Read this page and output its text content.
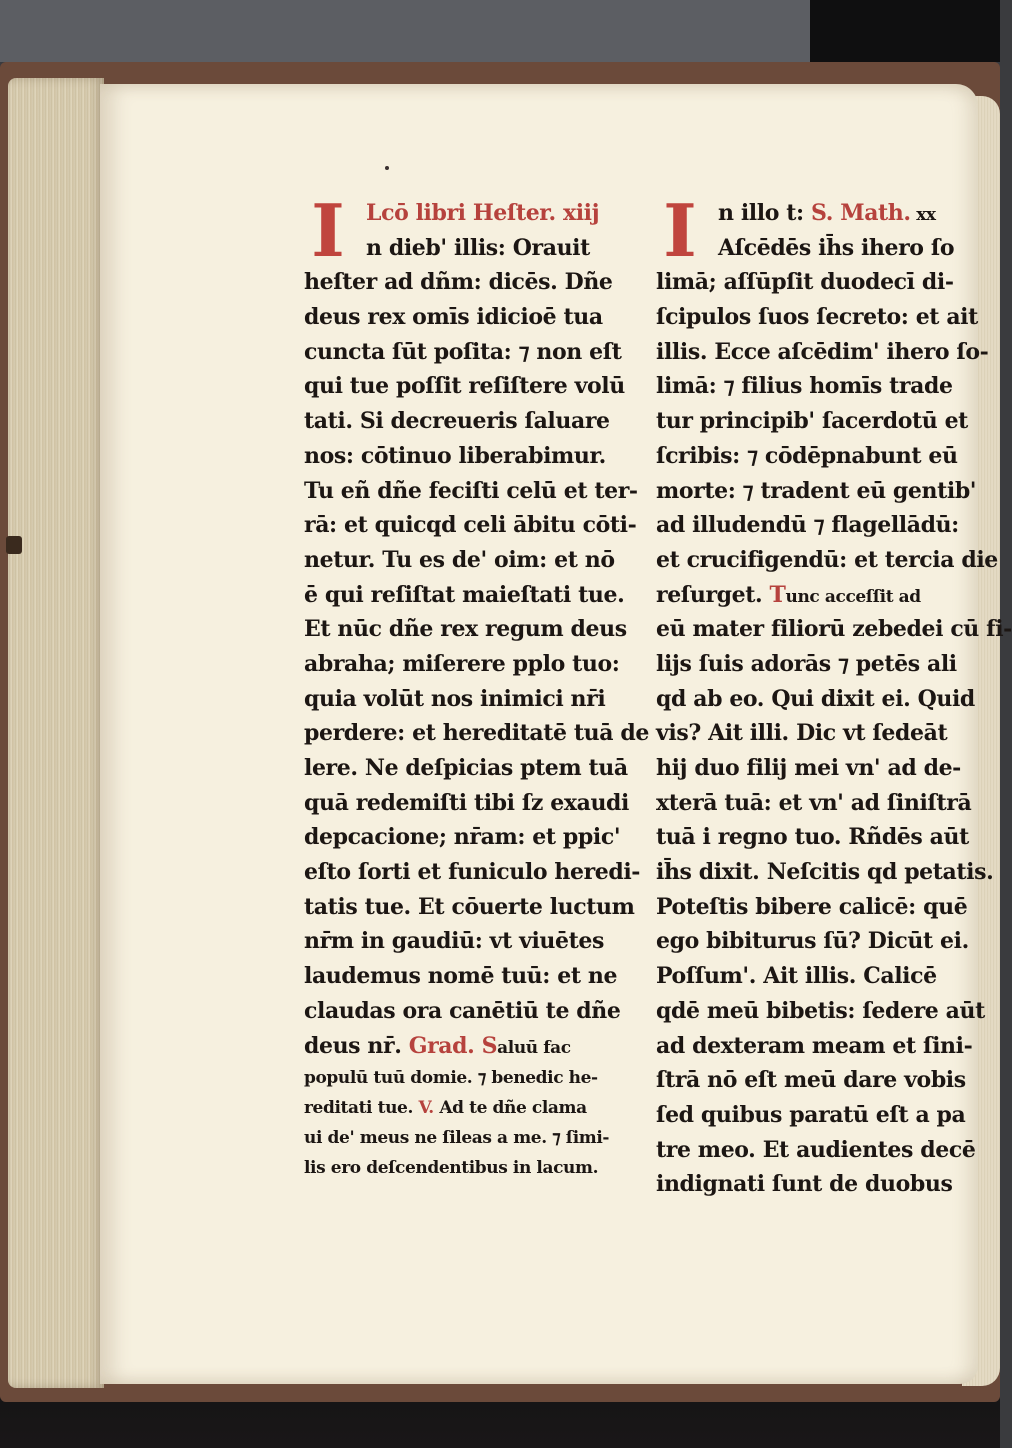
I	I
Lcō libri Heſter. xiij
n dieb' illis: Orauit
heſter ad dñm: dicēs. Dñe
deus rex omīs idicioē tua
cuncta ſūt poſita: ⁊ non eſt
qui tue poſſit reſiſtere volū
tati. Si decreueris ſaluare
nos: cōtinuo liberabimur.
Tu eñ dñe feciſti celū et ter-
rā: et quicqd celi ābitu cōti-
netur. Tu es de' oim: et nō
ē qui reſiſtat maieſtati tue.
Et nūc dñe rex regum deus
abraha; miſerere pplo tuo:
quia volūt nos inimici nr̄i
perdere: et hereditatē tuā de
lere. Ne deſpicias ptem tuā
quā redemiſti tibi ſz exaudi
depcacione; nr̄am: et ppic'
eſto ſorti et funiculo heredi-
tatis tue. Et cōuerte luctum
nr̄m in gaudiū: vt viuētes
laudemus nomē tuū: et ne
claudas ora canētiū te dñe
deus nr̄. Grad. Saluū fac
populū tuū domie. ⁊ benedic he-
reditati tue. V. Ad te dñe clama
ui de' meus ne ſileas a me. ⁊ ſimi-
lis ero deſcendentibus in lacum.
n illo t: S. Math. xx
Aſcēdēs ih̄s ihero ſo
limā; aſſūpſit duodecī di-
ſcipulos ſuos ſecreto: et ait
illis. Ecce aſcēdim' ihero ſo-
limā: ⁊ filius homīs trade
tur principib' ſacerdotū et
ſcribis: ⁊ cōdēpnabunt eū
morte: ⁊ tradent eū gentib'
ad illudendū ⁊ flagellādū:
et crucifigendū: et tercia die
reſurget. Tunc acceſſit ad
eū mater filiorū zebedei cū fi-
lijs ſuis adorās ⁊ petēs ali
qd ab eo. Qui dixit ei. Quid
vis? Ait illi. Dic vt ſedeāt
hij duo filij mei vn' ad de-
xterā tuā: et vn' ad ſiniſtrā
tuā i regno tuo. Rñdēs aūt
ih̄s dixit. Neſcitis qd petatis.
Poteſtis bibere calicē: quē
ego bibiturus ſū? Dicūt ei.
Poſſum'. Ait illis. Calicē
qdē meū bibetis: ſedere aūt
ad dexteram meam et ſini-
ſtrā nō eſt meū dare vobis
ſed quibus paratū eſt a pa
tre meo. Et audientes decē
indignati ſunt de duobus
